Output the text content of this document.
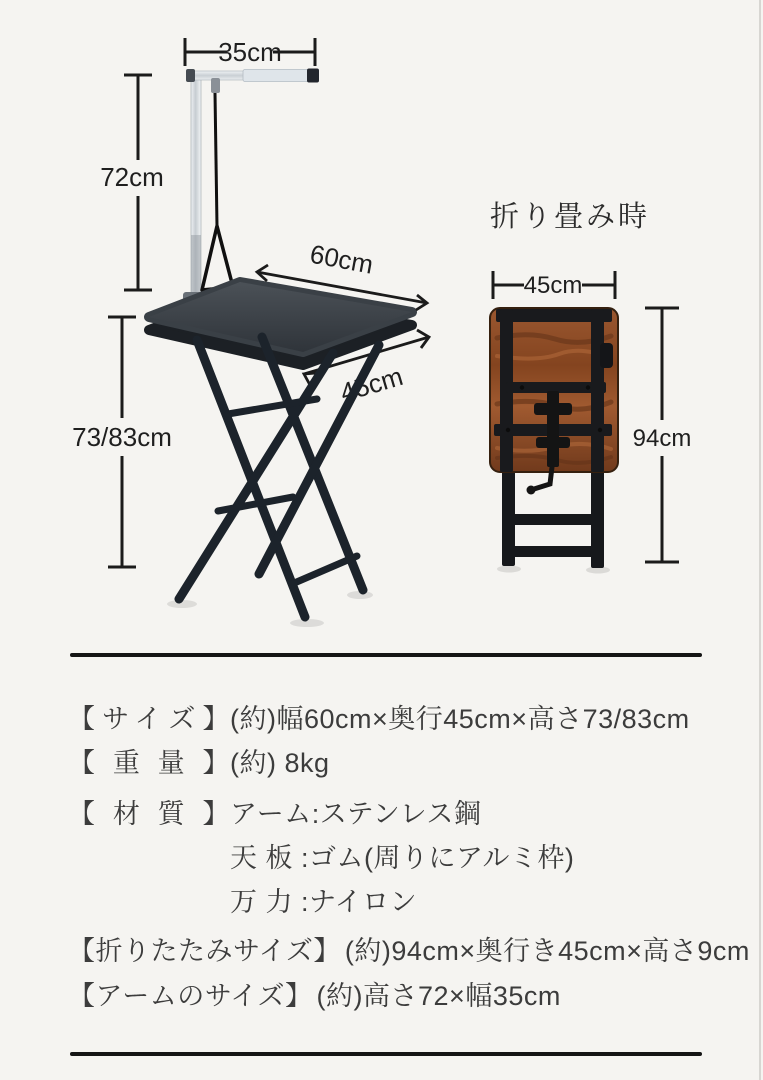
35cm
72cm
60cm
45cm
73/83cm
折り畳み時
45cm
94cm
【サイズ】(約)幅60cm×奥行45cm×高さ73/83cm
【重量】(約) 8kg
【材質】アーム:ステンレス鋼
天 板 :ゴム(周りにアルミ枠)
万 力 :ナイロン
【折りたたみサイズ】 (約)94cm×奥行き45cm×高さ9cm
【アームのサイズ】 (約)高さ72×幅35cm
